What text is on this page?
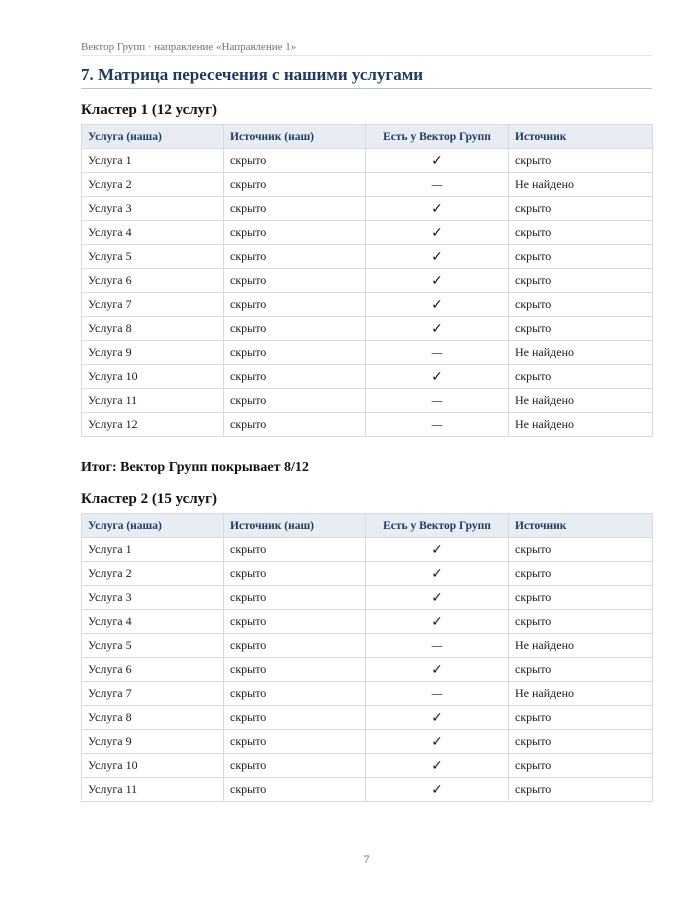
Вектор Групп · направление «Направление 1»
7. Матрица пересечения с нашими услугами
Кластер 1 (12 услуг)
Услуга (наша)	Источник (наш)	Есть у Вектор Групп	Источник
Услуга 1	скрыто	✓	скрыто
Услуга 2	скрыто	—	Не найдено
Услуга 3	скрыто	✓	скрыто
Услуга 4	скрыто	✓	скрыто
Услуга 5	скрыто	✓	скрыто
Услуга 6	скрыто	✓	скрыто
Услуга 7	скрыто	✓	скрыто
Услуга 8	скрыто	✓	скрыто
Услуга 9	скрыто	—	Не найдено
Услуга 10	скрыто	✓	скрыто
Услуга 11	скрыто	—	Не найдено
Услуга 12	скрыто	—	Не найдено

Итог: Вектор Групп покрывает 8/12

Кластер 2 (15 услуг)
Услуга (наша)	Источник (наш)	Есть у Вектор Групп	Источник
Услуга 1	скрыто	✓	скрыто
Услуга 2	скрыто	✓	скрыто
Услуга 3	скрыто	✓	скрыто
Услуга 4	скрыто	✓	скрыто
Услуга 5	скрыто	—	Не найдено
Услуга 6	скрыто	✓	скрыто
Услуга 7	скрыто	—	Не найдено
Услуга 8	скрыто	✓	скрыто
Услуга 9	скрыто	✓	скрыто
Услуга 10	скрыто	✓	скрыто
Услуга 11	скрыто	✓	скрыто
7
